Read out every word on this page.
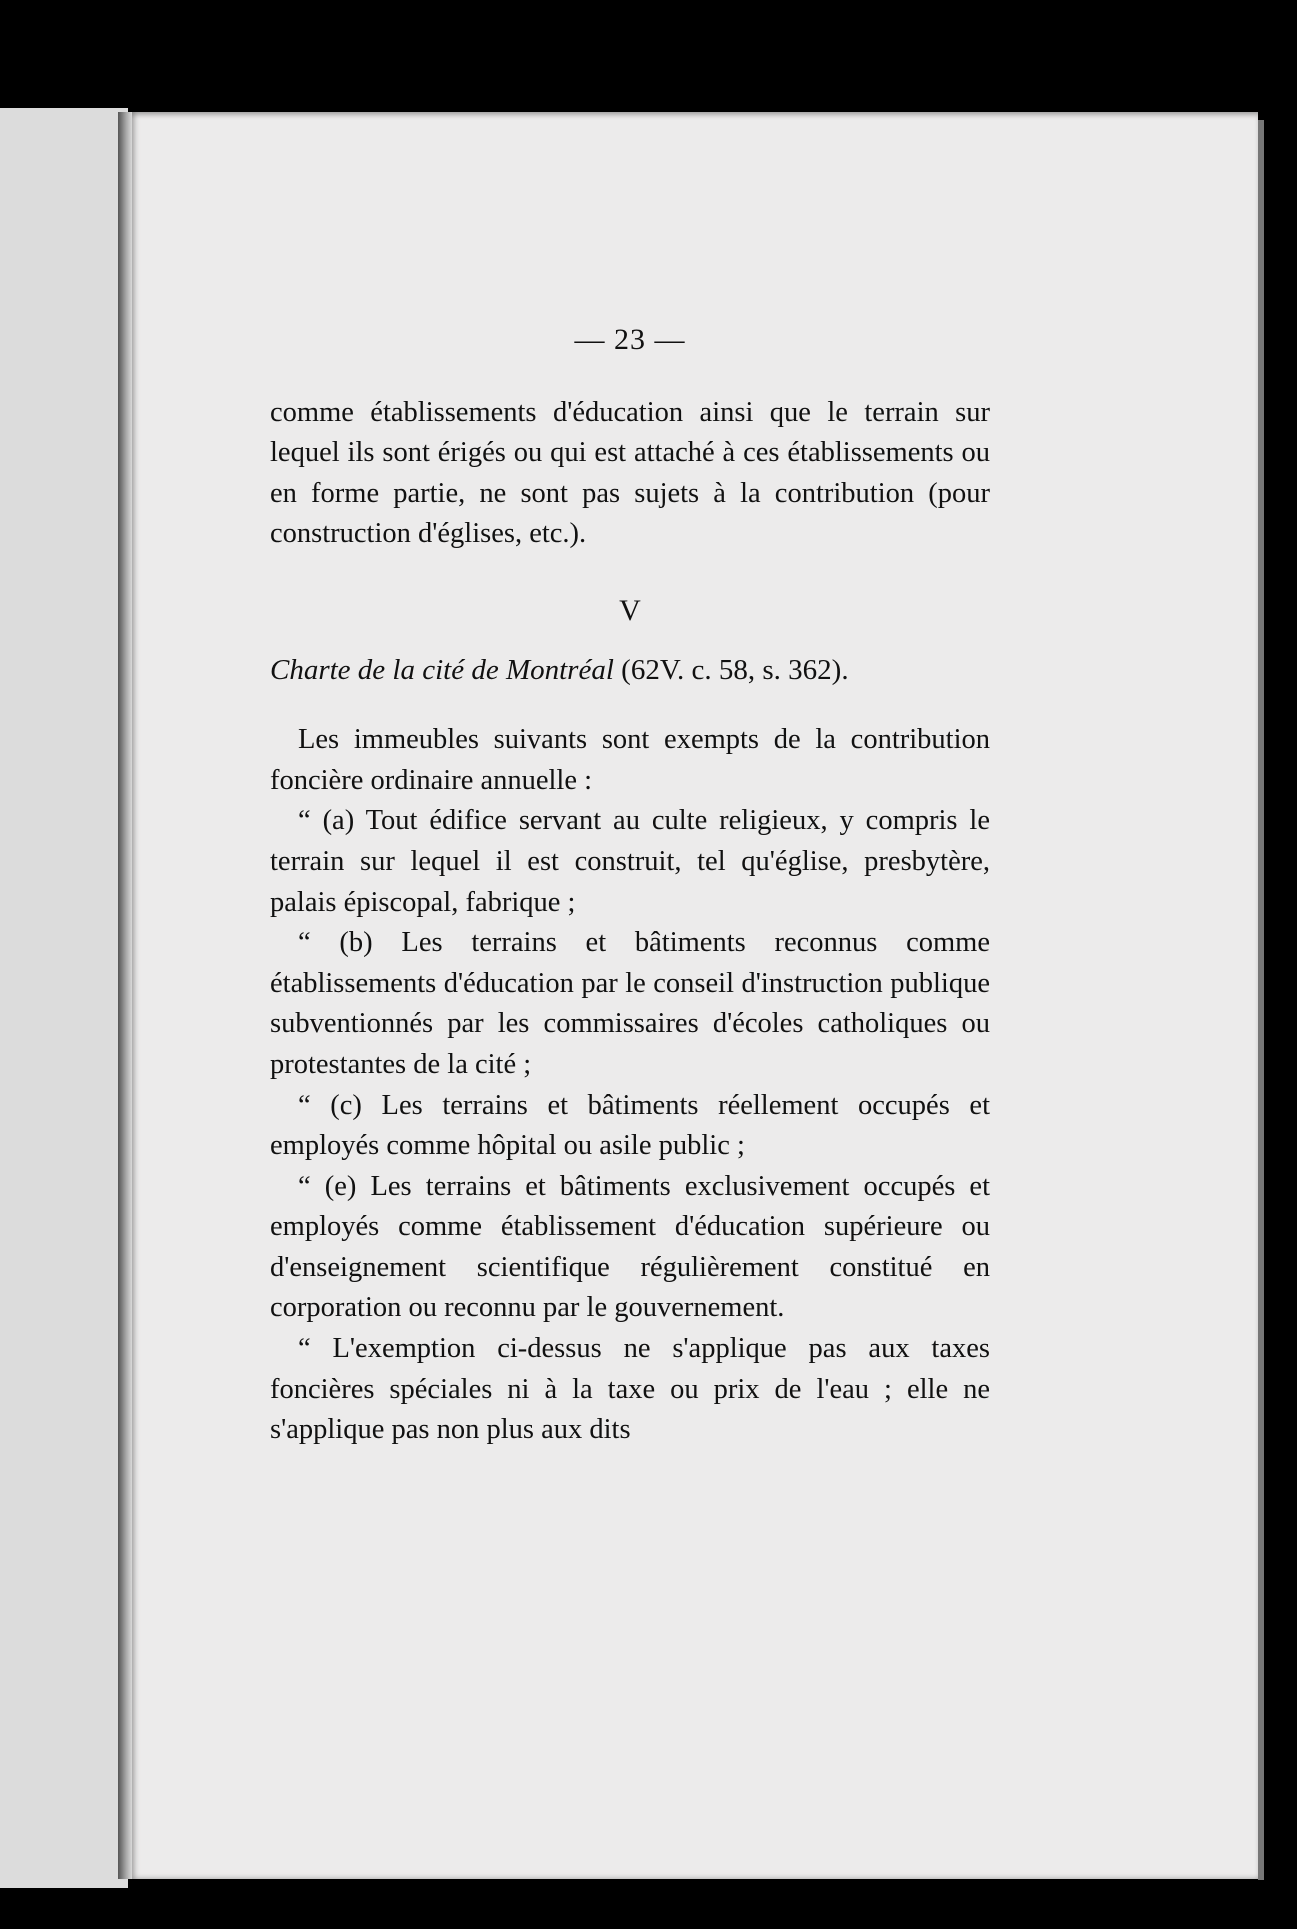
— 23 —

comme établissements d'éducation ainsi que le terrain sur lequel ils sont érigés ou qui est attaché à ces établissements ou en forme partie, ne sont pas sujets à la contribution (pour construction d'églises, etc.).

V

Charte de la cité de Montréal (62V. c. 58, s. 362).

Les immeubles suivants sont exempts de la contribution foncière ordinaire annuelle :

“ (a) Tout édifice servant au culte religieux, y compris le terrain sur lequel il est construit, tel qu'église, presbytère, palais épiscopal, fabrique ;

“ (b) Les terrains et bâtiments reconnus comme établissements d'éducation par le conseil d'instruction publique subventionnés par les commissaires d'écoles catholiques ou protestantes de la cité ;

“ (c) Les terrains et bâtiments réellement occupés et employés comme hôpital ou asile public ;

“ (e) Les terrains et bâtiments exclusivement occupés et employés comme établissement d'éducation supérieure ou d'enseignement scientifique régulièrement constitué en corporation ou reconnu par le gouvernement.

“ L'exemption ci-dessus ne s'applique pas aux taxes foncières spéciales ni à la taxe ou prix de l'eau ; elle ne s'applique pas non plus aux dits
